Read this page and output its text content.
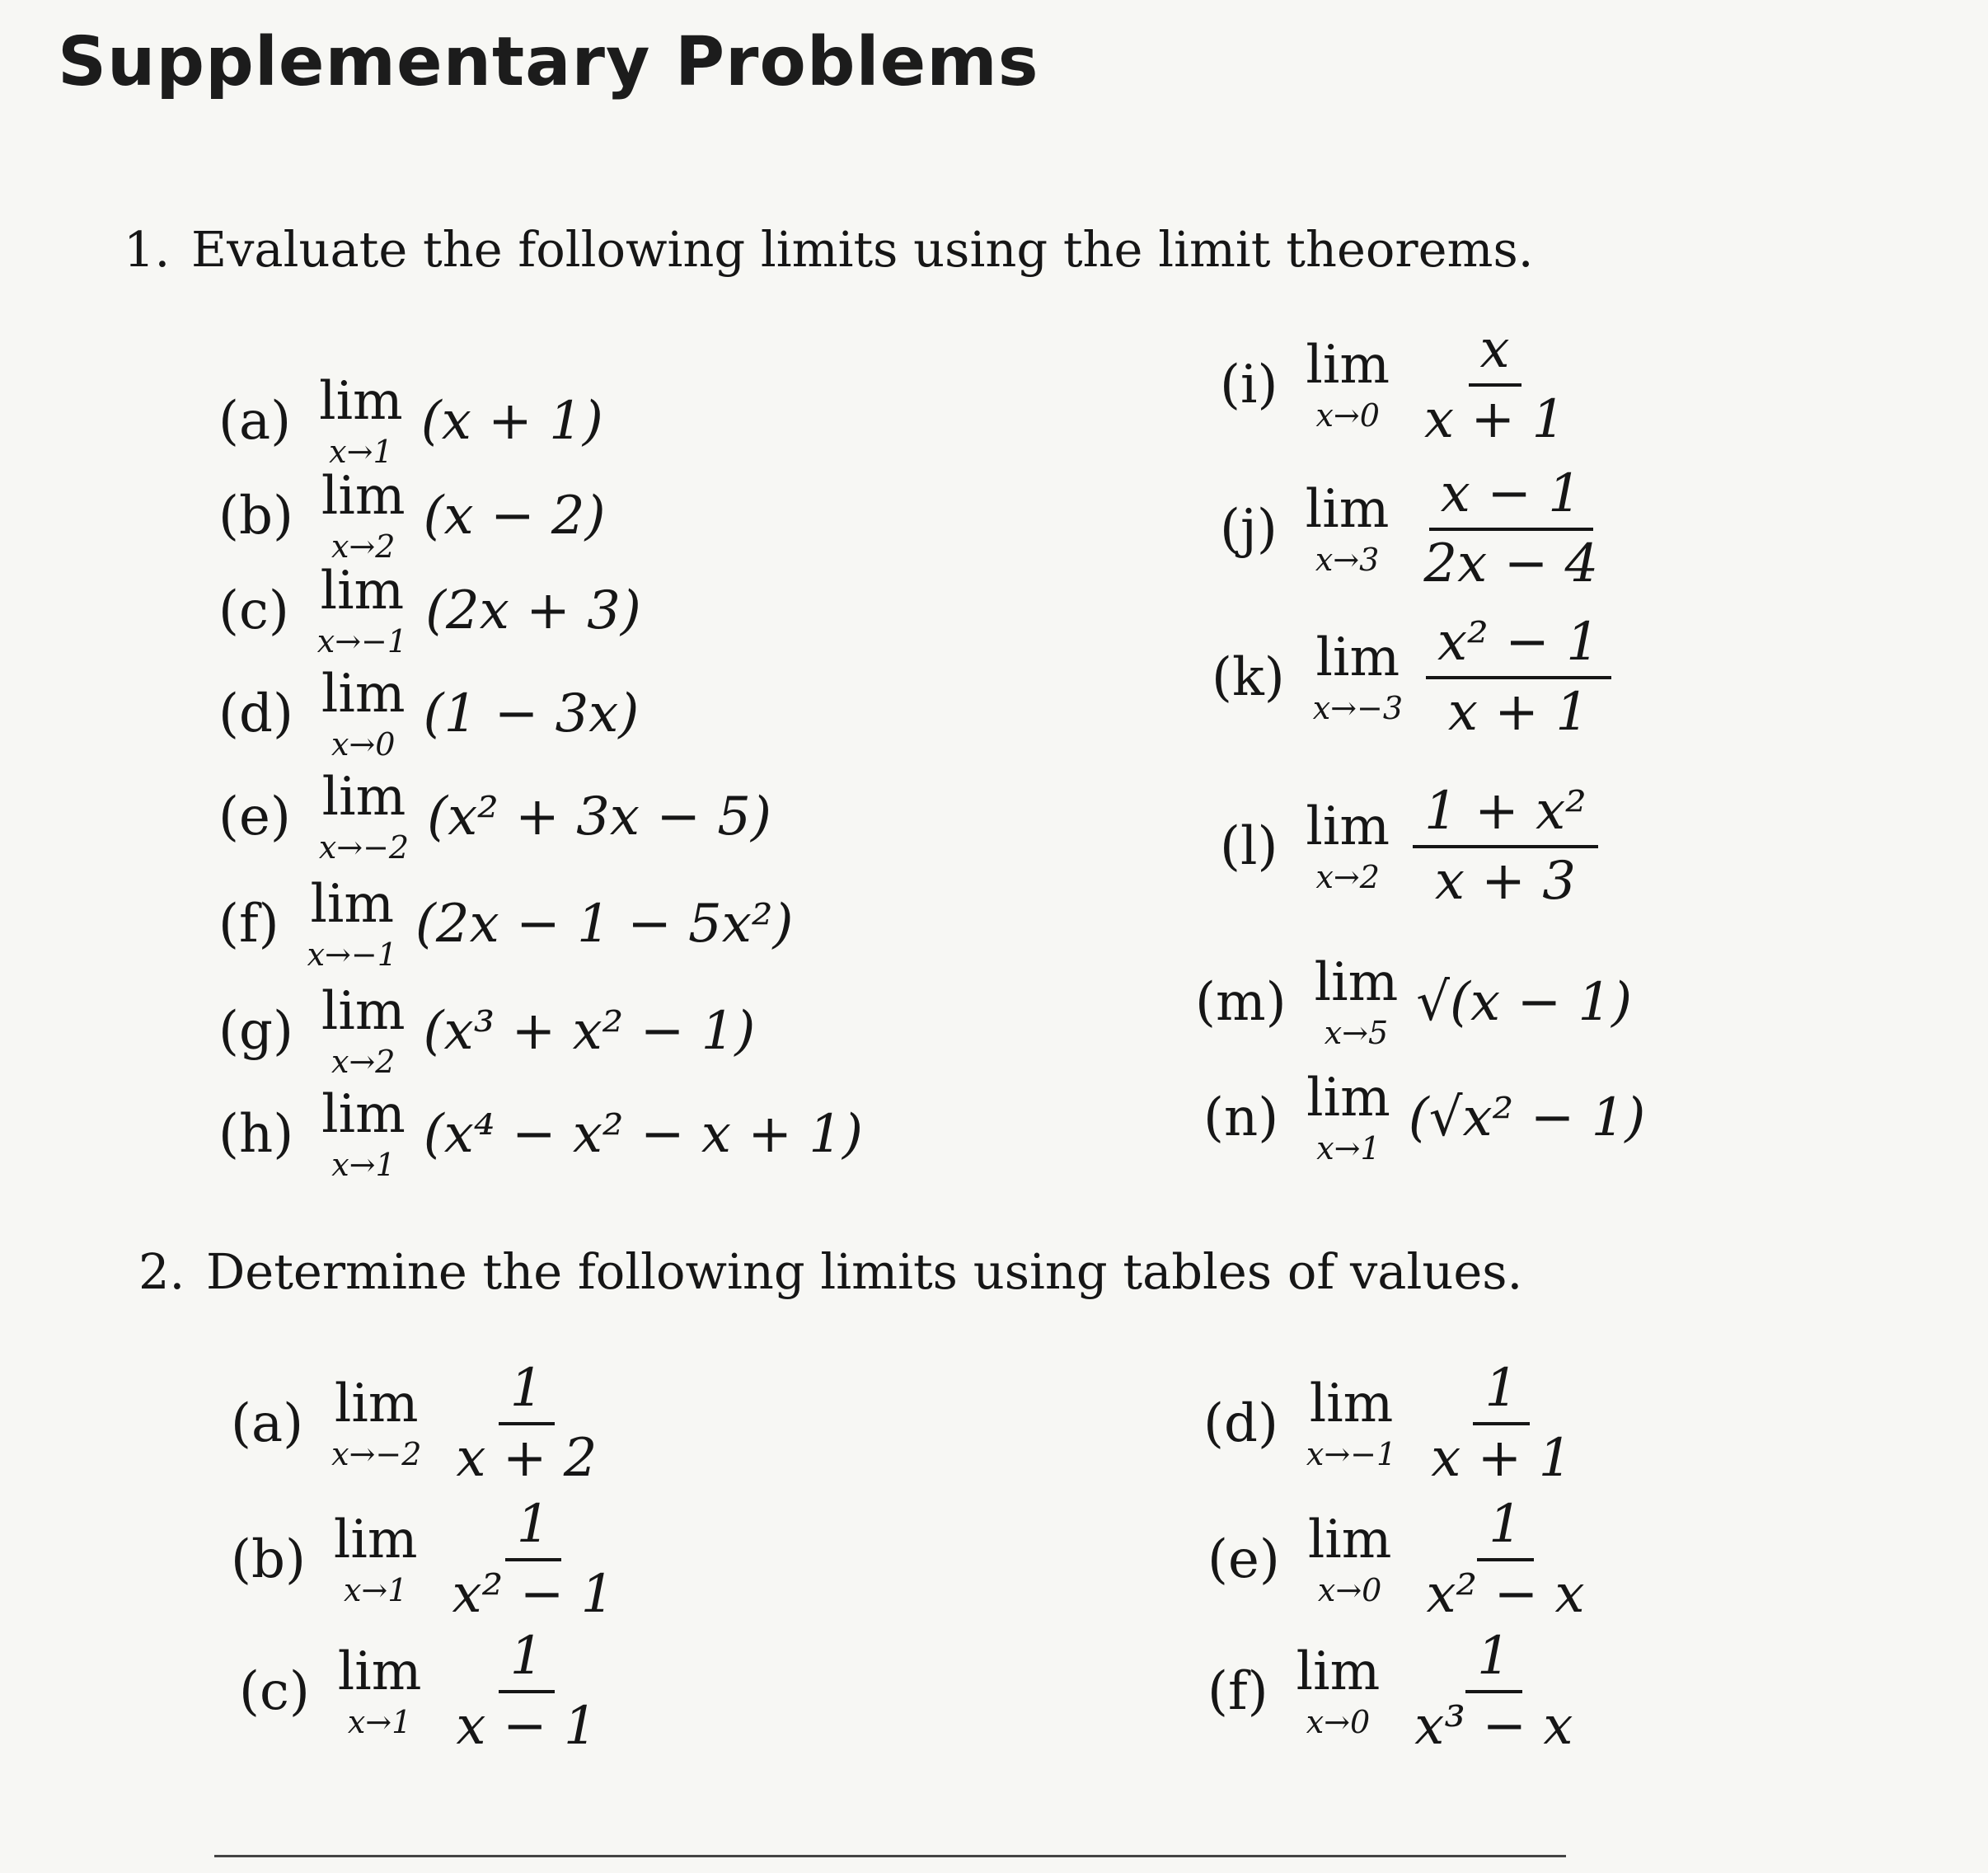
Supplementary Problems
1. Evaluate the following limits using the limit theorems.
2. Determine the following limits using tables of values.
(a) lim
x→1 (x + 1)
(b) lim
x→2 (x − 2)
(c) lim
x→−1 (2x + 3)
(d) lim
x→0 (1 − 3x)
(e) lim
x→−2 (x² + 3x − 5)
(f) lim
x→−1 (2x − 1 − 5x²)
(g) lim
x→2 (x³ + x² − 1)
(h) lim
x→1 (x⁴ − x² − x + 1)
(i) lim
$x\to 0 \frac{x}{x + 1}$
(j) lim
$x\to 3 \frac{x - 1}{2x - 4}$
(k) lim
$x\to-3 \frac{\text{x² − 1}}{x + 1}$
(l) lim
$x\to 2 \frac{\text{1 + x²}}{x + 3}$
(m) lim
x→5 √(x − 1)
(n) lim
x→1 (√x² − 1)
(a) lim
$x\to-2 \frac{1}{x + 2}$
(b) lim
$x\to 1 \frac{1}{\text{x² − 1}}$
(c) lim
$x\to 1 \frac{1}{x - 1}$
(d) lim
$x\to-1 \frac{1}{x + 1}$
(e) lim
$x\to 0 \frac{1}{\text{x² − x}}$
(f) lim
$x\to 0 \frac{1}{\text{x³ − x}}$
